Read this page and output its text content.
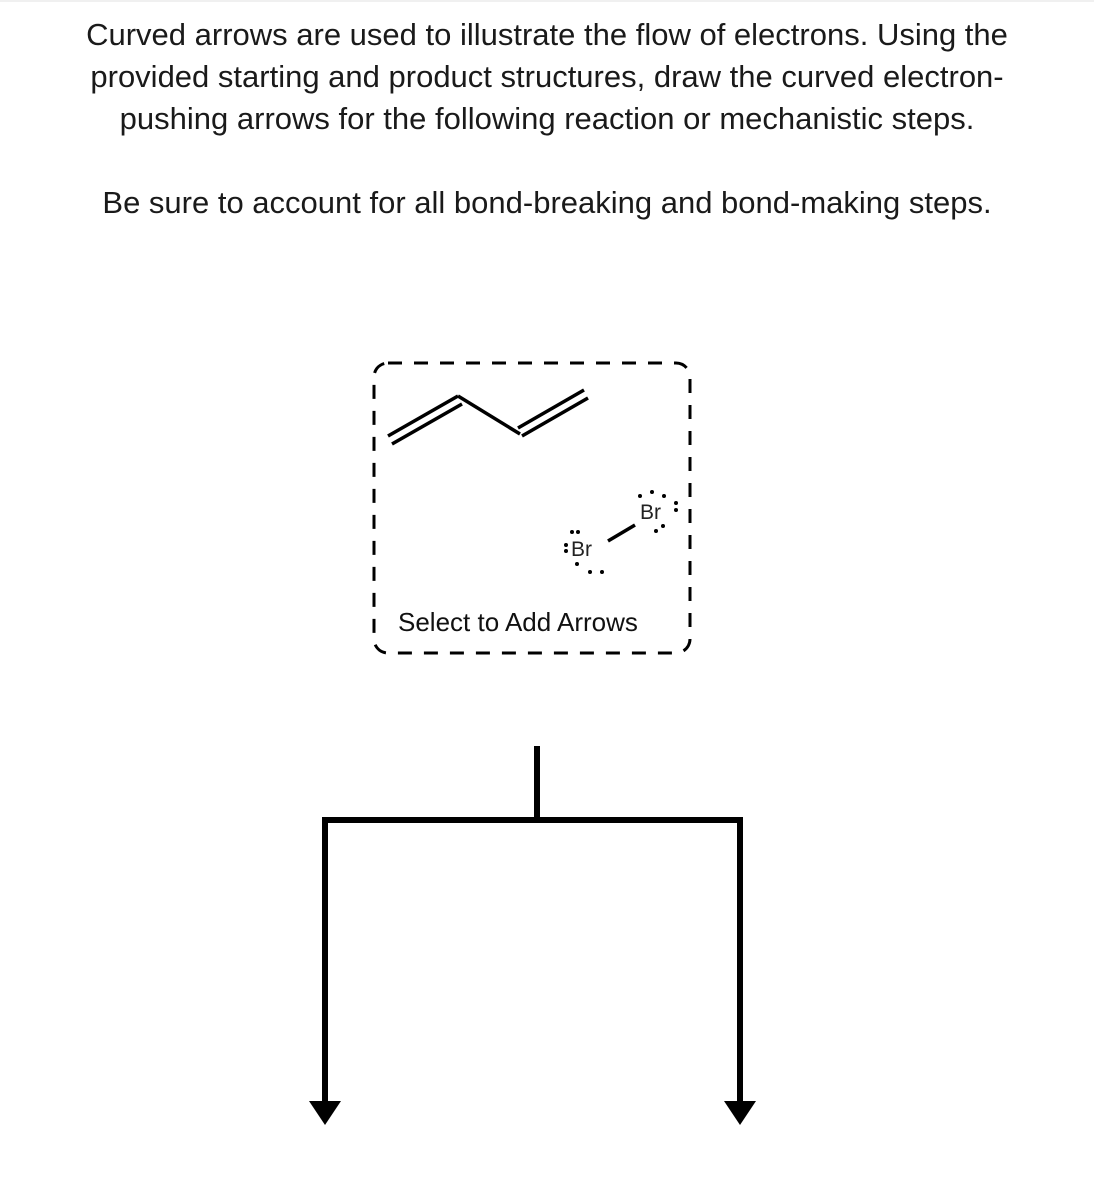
Curved arrows are used to illustrate the flow of electrons. Using the

provided starting and product structures, draw the curved electron-

pushing arrows for the following reaction or mechanistic steps.

Be sure to account for all bond-breaking and bond-making steps.

Br
Br
Select to Add Arrows
